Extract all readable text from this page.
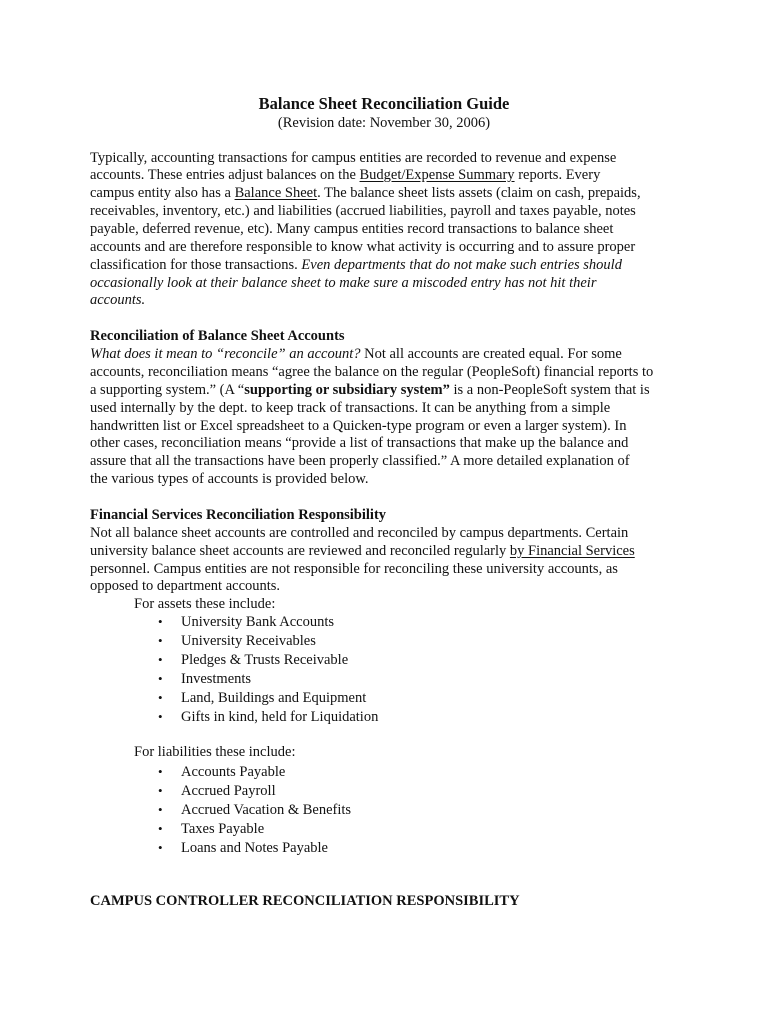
Balance Sheet Reconciliation Guide
(Revision date: November 30, 2006)
Typically, accounting transactions for campus entities are recorded to revenue and expense
accounts. These entries adjust balances on the Budget/Expense Summary reports. Every
campus entity also has a Balance Sheet. The balance sheet lists assets (claim on cash, prepaids,
receivables, inventory, etc.) and liabilities (accrued liabilities, payroll and taxes payable, notes
payable, deferred revenue, etc). Many campus entities record transactions to balance sheet
accounts and are therefore responsible to know what activity is occurring and to assure proper
classification for those transactions. Even departments that do not make such entries should
occasionally look at their balance sheet to make sure a miscoded entry has not hit their
accounts.
Reconciliation of Balance Sheet Accounts
What does it mean to “reconcile” an account? Not all accounts are created equal. For some
accounts, reconciliation means “agree the balance on the regular (PeopleSoft) financial reports to
a supporting system.” (A “supporting or subsidiary system” is a non-PeopleSoft system that is
used internally by the dept. to keep track of transactions. It can be anything from a simple
handwritten list or Excel spreadsheet to a Quicken-type program or even a larger system). In
other cases, reconciliation means “provide a list of transactions that make up the balance and
assure that all the transactions have been properly classified.” A more detailed explanation of
the various types of accounts is provided below.
Financial Services Reconciliation Responsibility
Not all balance sheet accounts are controlled and reconciled by campus departments. Certain
university balance sheet accounts are reviewed and reconciled regularly by Financial Services
personnel. Campus entities are not responsible for reconciling these university accounts, as
opposed to department accounts.
For assets these include:
• University Bank Accounts
• University Receivables
• Pledges & Trusts Receivable
• Investments
• Land, Buildings and Equipment
• Gifts in kind, held for Liquidation
For liabilities these include:
• Accounts Payable
• Accrued Payroll
• Accrued Vacation & Benefits
• Taxes Payable
• Loans and Notes Payable
CAMPUS CONTROLLER RECONCILIATION RESPONSIBILITY
